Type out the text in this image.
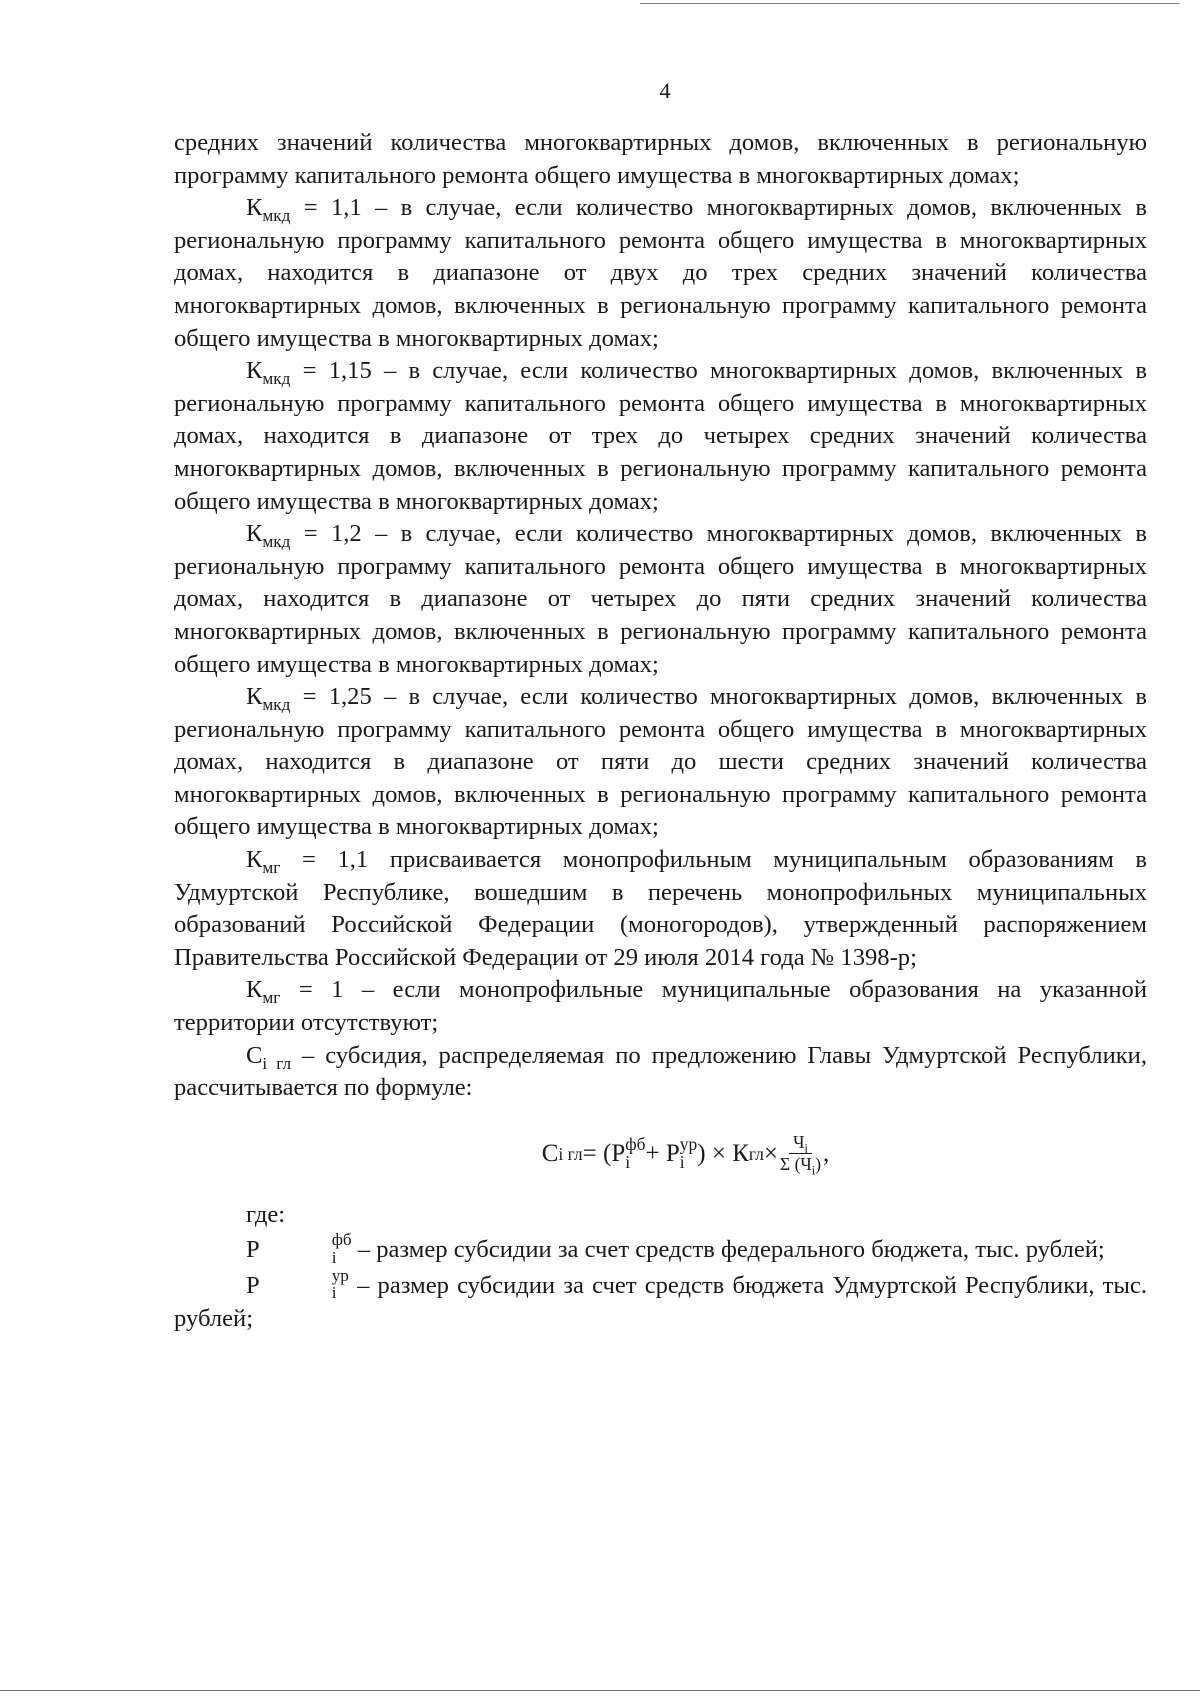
4

средних значений количества многоквартирных домов, включенных в региональную программу капитального ремонта общего имущества в многоквартирных домах;

$К_{мкд} = 1,1 - в$ случае, если количество многоквартирных домов, включенных в региональную программу капитального ремонта общего имущества в многоквартирных домах, находится в диапазоне от двух до трех средних значений количества многоквартирных домов, включенных в региональную программу капитального ремонта общего имущества в многоквартирных домах;

$К_{мкд} = 1,15 - в$ случае, если количество многоквартирных домов, включенных в региональную программу капитального ремонта общего имущества в многоквартирных домах, находится в диапазоне от трех до четырех средних значений количества многоквартирных домов, включенных в региональную программу капитального ремонта общего имущества в многоквартирных домах;

$К_{мкд} = 1,2 - в$ случае, если количество многоквартирных домов, включенных в региональную программу капитального ремонта общего имущества в многоквартирных домах, находится в диапазоне от четырех до пяти средних значений количества многоквартирных домов, включенных в региональную программу капитального ремонта общего имущества в многоквартирных домах;

$К_{мкд} = 1,25 - в$ случае, если количество многоквартирных домов, включенных в региональную программу капитального ремонта общего имущества в многоквартирных домах, находится в диапазоне от пяти до шести средних значений количества многоквартирных домов, включенных в региональную программу капитального ремонта общего имущества в многоквартирных домах;

$К_{мг} = 1,1$ присваивается монопрофильным муниципальным образованиям в Удмуртской Республике, вошедшим в перечень монопрофильных муниципальных образований Российской Федерации (моногородов), утвержденный распоряжением Правительства Российской Федерации от 29 июля 2014 года № 1398-р;

$К_{мг} = 1$ – если монопрофильные муниципальные образования на указанной территории отсутствуют;

$С_{i гл}$ – субсидия, распределяемая по предложению Главы Удмуртской Республики, рассчитывается по формуле:

С i гл = (P фб
i + P ур
i ) × К гл × $\frac{Ч_i}{\Sigma (Ч_i)}$ ,

где:

P	фб
i – размер субсидии за счет средств федерального бюджета, тыс. рублей;

P	ур
i – размер субсидии за счет средств бюджета Удмуртской Республики, тыс. рублей;
